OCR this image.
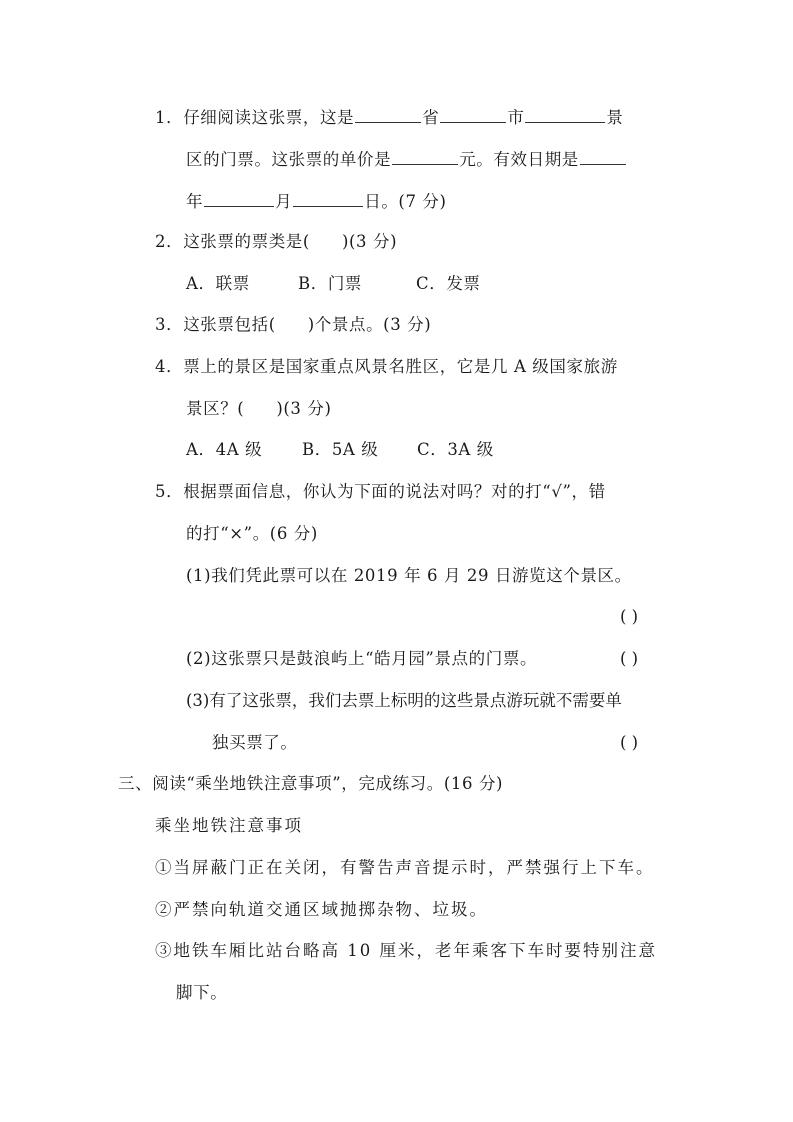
1．仔细阅读这张票，这是	省	市	景
区的门票。这张票的单价是	元。有效日期是
年	月	日。(7 分)
2．这张票的票类是( )(3 分)
A．联票	B．门票	C．发票
3．这张票包括( )个景点。(3 分)
4．票上的景区是国家重点风景名胜区，它是几 A 级国家旅游
景区？( )(3 分)
A．4A 级 B．5A 级 C．3A 级
5．根据票面信息，你认为下面的说法对吗？对的打“√”，错
的打“×”。(6 分)
(1)我们凭此票可以在 2019 年 6 月 29 日游览这个景区。
( )
(2)这张票只是鼓浪屿上“皓月园”景点的门票。	( )
(3)有了这张票，我们去票上标明的这些景点游玩就不需要单
独买票了。	( )
三、阅读“乘坐地铁注意事项”，完成练习。(16 分)
乘坐地铁注意事项
①当屏蔽门正在关闭，有警告声音提示时，严禁强行上下车。
②严禁向轨道交通区域抛掷杂物、垃圾。
③地铁车厢比站台略高 10 厘米，老年乘客下车时要特别注意
脚下。
